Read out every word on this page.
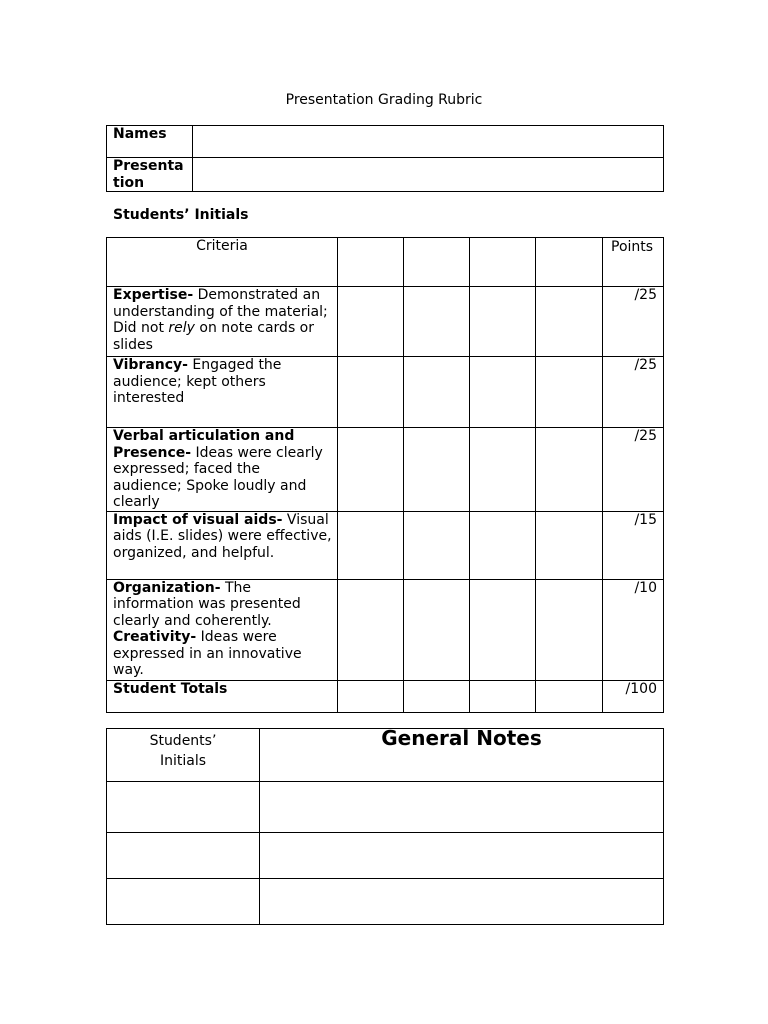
Presentation Grading Rubric
Names	
Presentation	
Students’ Initials
Criteria					Points
Expertise- Demonstrated an understanding of the material; Did not rely on note cards or slides					/25
Vibrancy- Engaged the audience; kept others interested					/25
Verbal articulation and Presence- Ideas were clearly expressed; faced the audience; Spoke loudly and clearly					/25
Impact of visual aids- Visual aids (I.E. slides) were effective, organized, and helpful.					/15
Organization- The information was presented clearly and coherently. Creativity- Ideas were expressed in an innovative way.					/10
Student Totals					/100
Students’ Initials	General Notes
